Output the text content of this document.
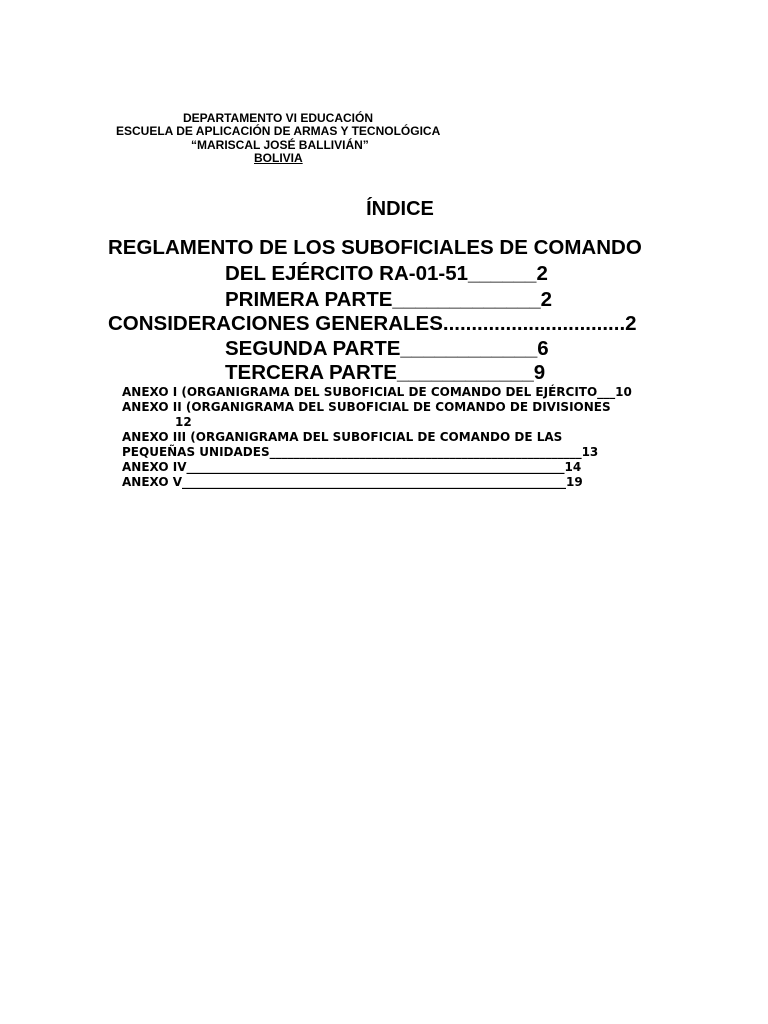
DEPARTAMENTO VI EDUCACIÓN
ESCUELA DE APLICACIÓN DE ARMAS Y TECNOLÓGICA
“MARISCAL JOSÉ BALLIVIÁN”
BOLIVIA
ÍNDICE
REGLAMENTO DE LOS SUBOFICIALES DE COMANDO
DEL EJÉRCITO RA-01-51______2
PRIMERA PARTE_____________2
CONSIDERACIONES GENERALES................................2
SEGUNDA PARTE____________6
TERCERA PARTE____________9
ANEXO I (ORGANIGRAMA DEL SUBOFICIAL DE COMANDO DEL EJÉRCITO___10
ANEXO II (ORGANIGRAMA DEL SUBOFICIAL DE COMANDO DE DIVISIONES
12
ANEXO III (ORGANIGRAMA DEL SUBOFICIAL DE COMANDO DE LAS
PEQUEÑAS UNIDADES____________________________________________________13
ANEXO IV_______________________________________________________________14
ANEXO V________________________________________________________________19
